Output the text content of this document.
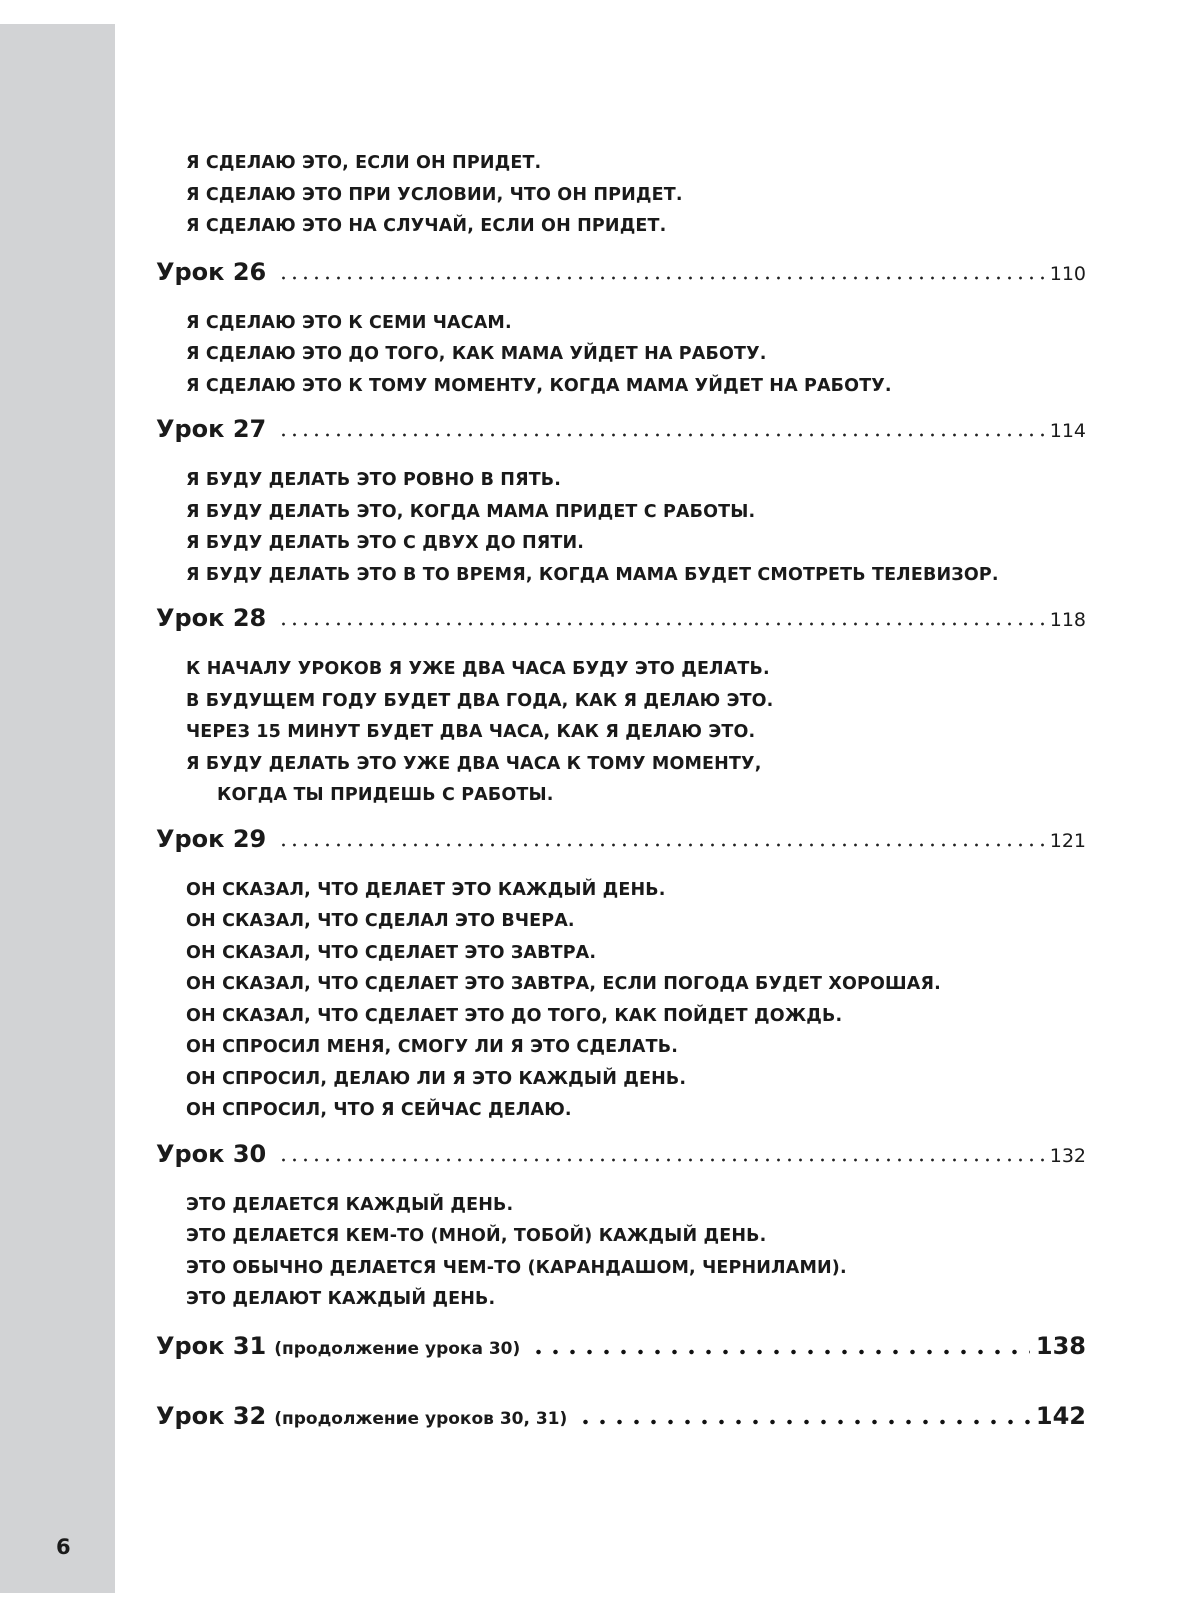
6
Я СДЕЛАЮ ЭТО, ЕСЛИ ОН ПРИДЕТ.
Я СДЕЛАЮ ЭТО ПРИ УСЛОВИИ, ЧТО ОН ПРИДЕТ.
Я СДЕЛАЮ ЭТО НА СЛУЧАЙ, ЕСЛИ ОН ПРИДЕТ.
Урок 26	110
Я СДЕЛАЮ ЭТО К СЕМИ ЧАСАМ.
Я СДЕЛАЮ ЭТО ДО ТОГО, КАК МАМА УЙДЕТ НА РАБОТУ.
Я СДЕЛАЮ ЭТО К ТОМУ МОМЕНТУ, КОГДА МАМА УЙДЕТ НА РАБОТУ.
Урок 27	114
Я БУДУ ДЕЛАТЬ ЭТО РОВНО В ПЯТЬ.
Я БУДУ ДЕЛАТЬ ЭТО, КОГДА МАМА ПРИДЕТ С РАБОТЫ.
Я БУДУ ДЕЛАТЬ ЭТО С ДВУХ ДО ПЯТИ.
Я БУДУ ДЕЛАТЬ ЭТО В ТО ВРЕМЯ, КОГДА МАМА БУДЕТ СМОТРЕТЬ ТЕЛЕВИЗОР.
Урок 28	118
К НАЧАЛУ УРОКОВ Я УЖЕ ДВА ЧАСА БУДУ ЭТО ДЕЛАТЬ.
В БУДУЩЕМ ГОДУ БУДЕТ ДВА ГОДА, КАК Я ДЕЛАЮ ЭТО.
ЧЕРЕЗ 15 МИНУТ БУДЕТ ДВА ЧАСА, КАК Я ДЕЛАЮ ЭТО.
Я БУДУ ДЕЛАТЬ ЭТО УЖЕ ДВА ЧАСА К ТОМУ МОМЕНТУ,
КОГДА ТЫ ПРИДЕШЬ С РАБОТЫ.
Урок 29	121
ОН СКАЗАЛ, ЧТО ДЕЛАЕТ ЭТО КАЖДЫЙ ДЕНЬ.
ОН СКАЗАЛ, ЧТО СДЕЛАЛ ЭТО ВЧЕРА.
ОН СКАЗАЛ, ЧТО СДЕЛАЕТ ЭТО ЗАВТРА.
ОН СКАЗАЛ, ЧТО СДЕЛАЕТ ЭТО ЗАВТРА, ЕСЛИ ПОГОДА БУДЕТ ХОРОШАЯ.
ОН СКАЗАЛ, ЧТО СДЕЛАЕТ ЭТО ДО ТОГО, КАК ПОЙДЕТ ДОЖДЬ.
ОН СПРОСИЛ МЕНЯ, СМОГУ ЛИ Я ЭТО СДЕЛАТЬ.
ОН СПРОСИЛ, ДЕЛАЮ ЛИ Я ЭТО КАЖДЫЙ ДЕНЬ.
ОН СПРОСИЛ, ЧТО Я СЕЙЧАС ДЕЛАЮ.
Урок 30	132
ЭТО ДЕЛАЕТСЯ КАЖДЫЙ ДЕНЬ.
ЭТО ДЕЛАЕТСЯ КЕМ-ТО (МНОЙ, ТОБОЙ) КАЖДЫЙ ДЕНЬ.
ЭТО ОБЫЧНО ДЕЛАЕТСЯ ЧЕМ-ТО (КАРАНДАШОМ, ЧЕРНИЛАМИ).
ЭТО ДЕЛАЮТ КАЖДЫЙ ДЕНЬ.
Урок 31 (продолжение урока 30)	138
Урок 32 (продолжение уроков 30, 31)	142
